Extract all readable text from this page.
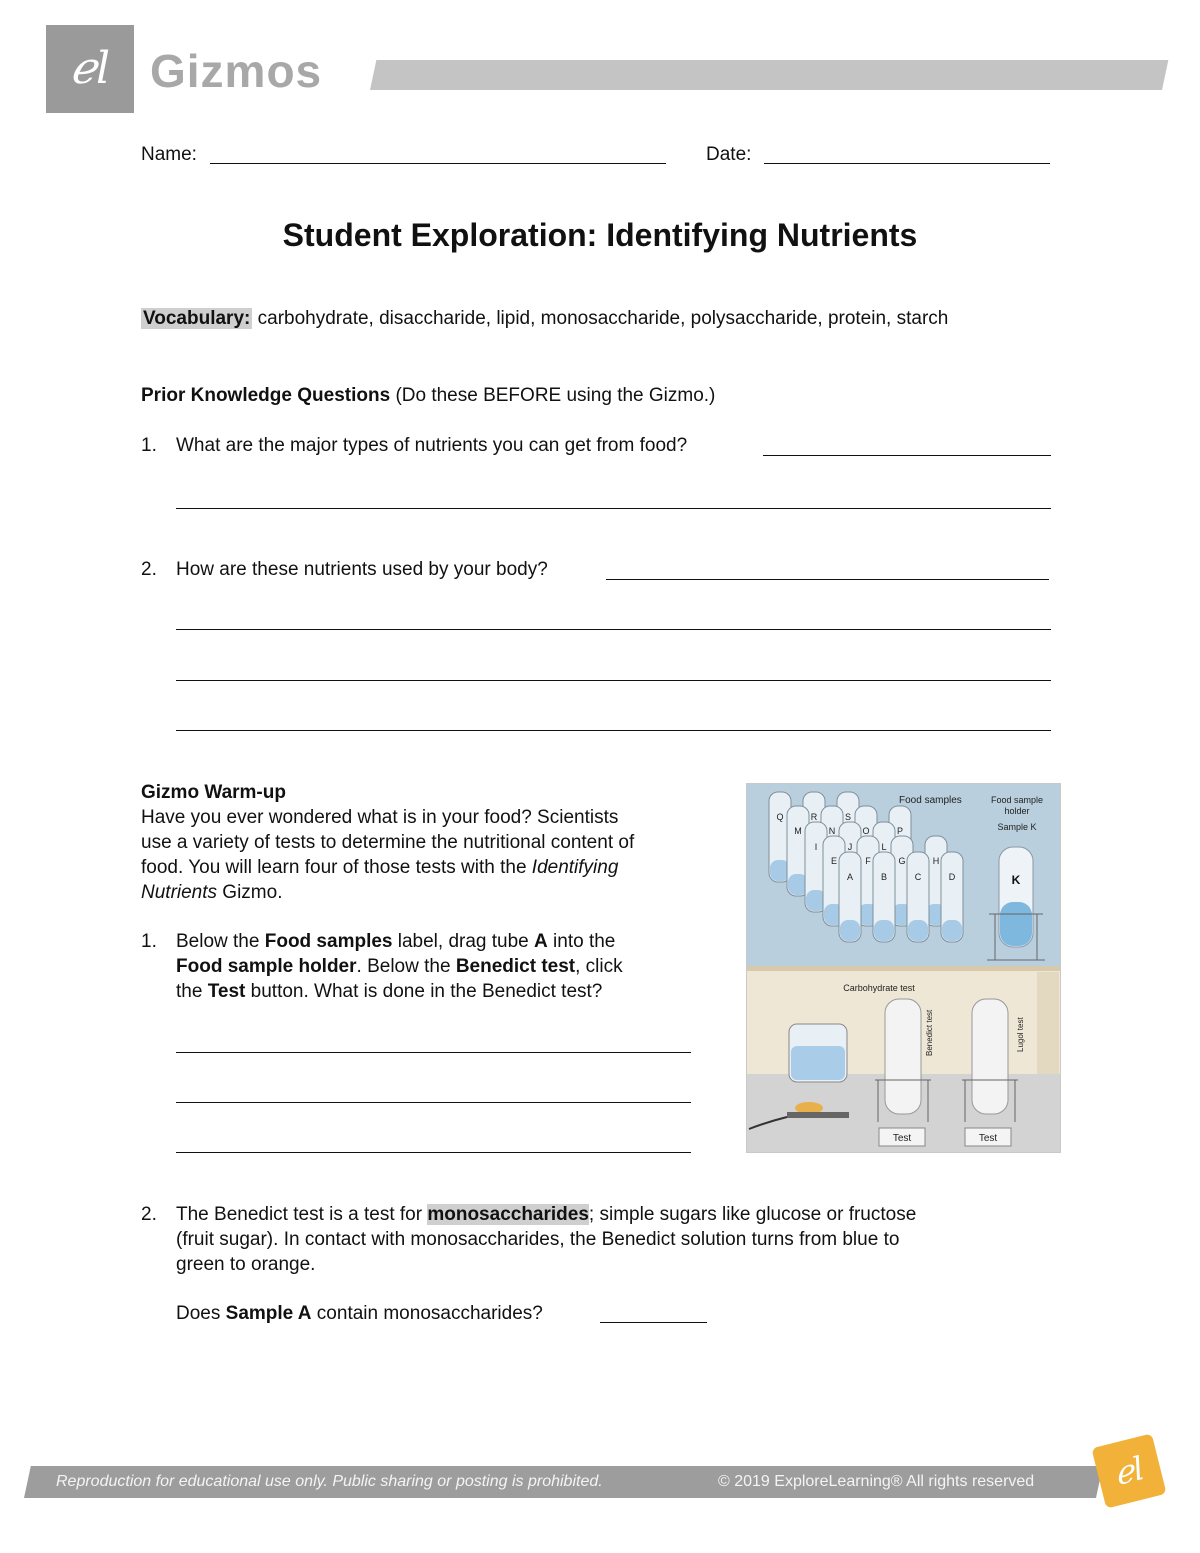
ℯl Gizmos
Name:	Date:
Student Exploration: Identifying Nutrients
Vocabulary: carbohydrate, disaccharide, lipid, monosaccharide, polysaccharide, protein, starch
Prior Knowledge Questions (Do these BEFORE using the Gizmo.)
1. What are the major types of nutrients you can get from food?
2. How are these nutrients used by your body?
Gizmo Warm-up
Have you ever wondered what is in your food? Scientists
use a variety of tests to determine the nutritional content of
food. You will learn four of those tests with the Identifying
Nutrients Gizmo.
1. Below the Food samples label, drag tube A into the
Food sample holder. Below the Benedict test, click
the Test button. What is done in the Benedict test?
Q	R	S
M	N	O	P
I	J	L
E	F	G	H
A	B	C	D
Food samples	Food sample
holder
Sample K
K
Carbohydrate test
Benedict test	Lugol test
Test	Test
2. The Benedict test is a test for monosaccharides; simple sugars like glucose or fructose
(fruit sugar). In contact with monosaccharides, the Benedict solution turns from blue to
green to orange.
Does Sample A contain monosaccharides?
Reproduction for educational use only. Public sharing or posting is prohibited.	© 2019 ExploreLearning® All rights reserved	ℯl
